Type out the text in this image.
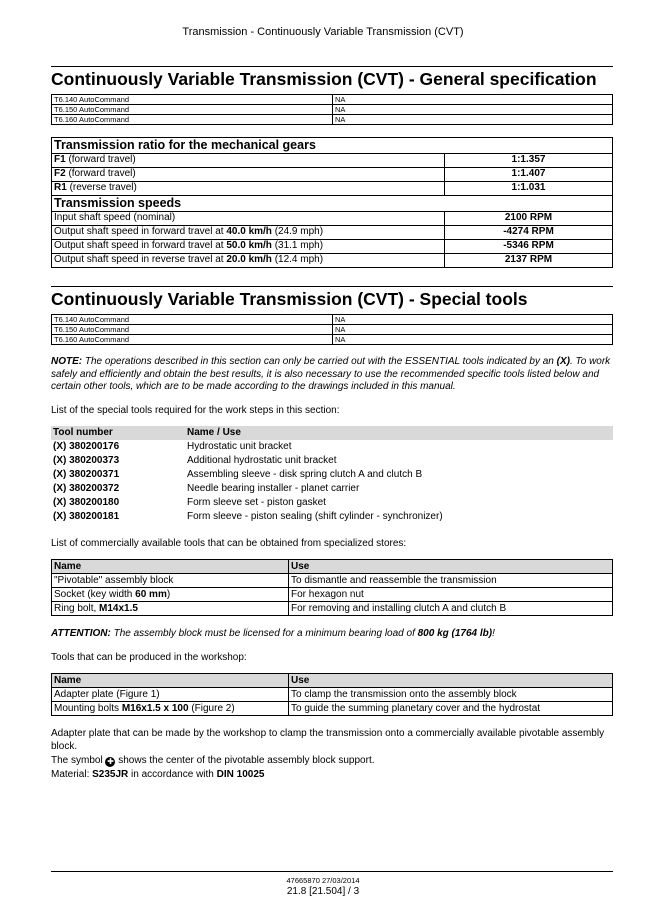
Transmission - Continuously Variable Transmission (CVT)
Continuously Variable Transmission (CVT) - General specification
T6.140 AutoCommand	NA
T6.150 AutoCommand	NA
T6.160 AutoCommand	NA
Transmission ratio for the mechanical gears	
F1 (forward travel)	1:1.357
F2 (forward travel)	1:1.407
R1 (reverse travel)	1:1.031
Transmission speeds	
Input shaft speed (nominal)	2100 RPM
Output shaft speed in forward travel at 40.0 km/h (24.9 mph)	-4274 RPM
Output shaft speed in forward travel at 50.0 km/h (31.1 mph)	-5346 RPM
Output shaft speed in reverse travel at 20.0 km/h (12.4 mph)	2137 RPM
Continuously Variable Transmission (CVT) - Special tools
T6.140 AutoCommand	NA
T6.150 AutoCommand	NA
T6.160 AutoCommand	NA
NOTE: The operations described in this section can only be carried out with the ESSENTIAL tools indicated by an (X). To work safely and efficiently and obtain the best results, it is also necessary to use the recommended specific tools listed below and certain other tools, which are to be made according to the drawings included in this manual.
List of the special tools required for the work steps in this section:
Tool number	Name / Use
(X) 380200176	Hydrostatic unit bracket
(X) 380200373	Additional hydrostatic unit bracket
(X) 380200371	Assembling sleeve - disk spring clutch A and clutch B
(X) 380200372	Needle bearing installer - planet carrier
(X) 380200180	Form sleeve set - piston gasket
(X) 380200181	Form sleeve - piston sealing (shift cylinder - synchronizer)
List of commercially available tools that can be obtained from specialized stores:
Name	Use
"Pivotable" assembly block	To dismantle and reassemble the transmission
Socket (key width 60 mm)	For hexagon nut
Ring bolt, M14x1.5	For removing and installing clutch A and clutch B
ATTENTION: The assembly block must be licensed for a minimum bearing load of 800 kg (1764 lb)!
Tools that can be produced in the workshop:
Name	Use
Adapter plate (Figure 1)	To clamp the transmission onto the assembly block
Mounting bolts M16x1.5 x 100 (Figure 2)	To guide the summing planetary cover and the hydrostat
Adapter plate that can be made by the workshop to clamp the transmission onto a commercially available pivotable assembly block.
The symbol ✚ shows the center of the pivotable assembly block support.
Material: S235JR in accordance with DIN 10025
47665870 27/03/2014
21.8 [21.504] / 3
